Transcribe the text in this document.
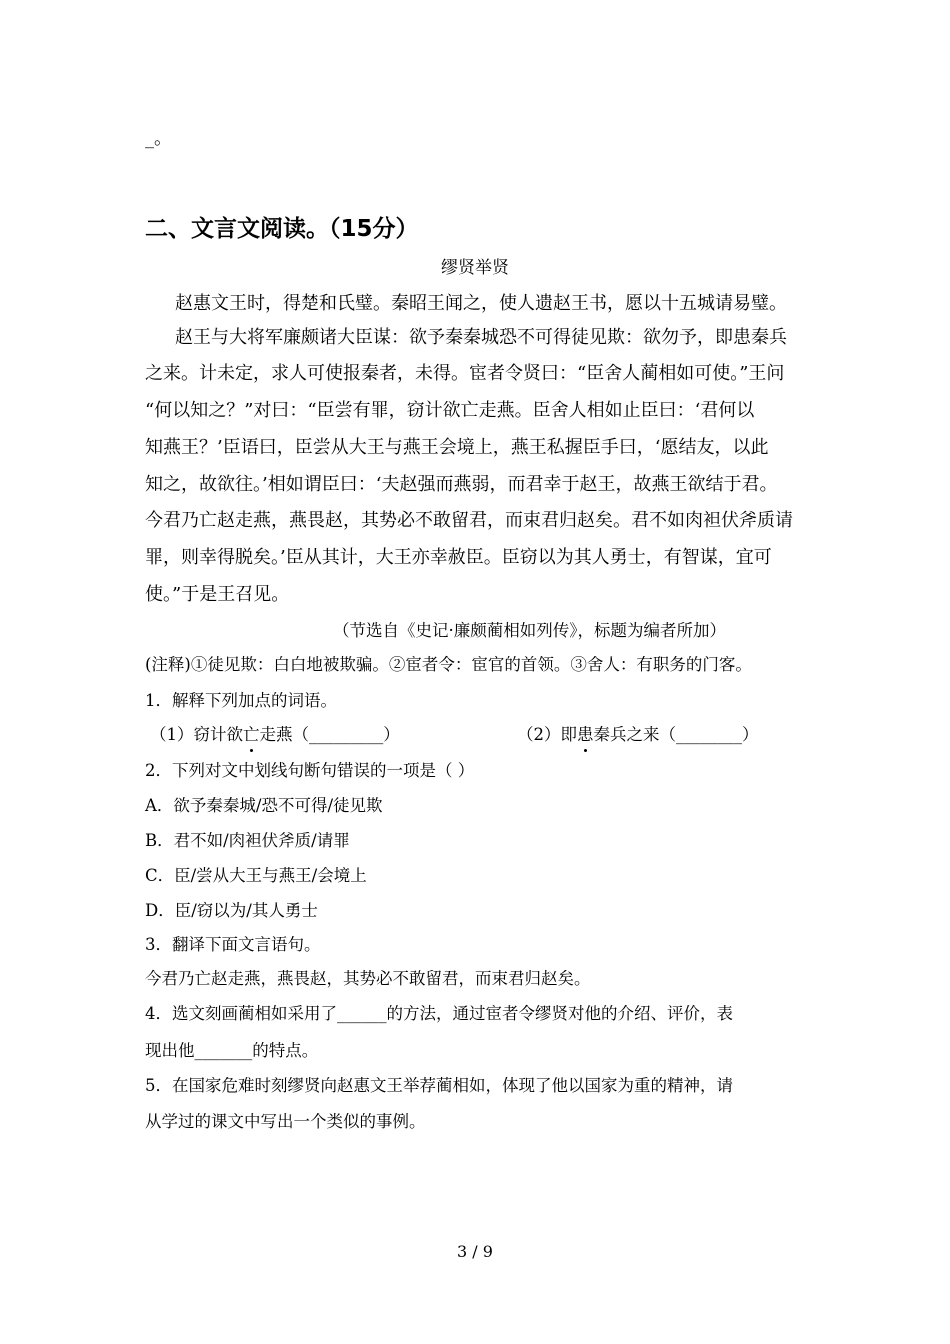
_。
二、文言文阅读。（15分）
缪贤举贤
赵惠文王时，得楚和氏璧。秦昭王闻之，使人遗赵王书，愿以十五城请易璧。
赵王与大将军廉颇诸大臣谋：欲予秦秦城恐不可得徒见欺：欲勿予，即患秦兵
之来。计未定，求人可使报秦者，未得。宦者令贤曰：“臣舍人蔺相如可使。”王问
“何以知之？”对曰：“臣尝有罪，窃计欲亡走燕。臣舍人相如止臣曰：‘君何以
知燕王？’臣语曰，臣尝从大王与燕王会境上，燕王私握臣手曰，‘愿结友，以此
知之，故欲往。’相如谓臣曰：‘夫赵强而燕弱，而君幸于赵王，故燕王欲结于君。
今君乃亡赵走燕，燕畏赵，其势必不敢留君，而束君归赵矣。君不如肉袒伏斧质请
罪，则幸得脱矣。’臣从其计，大王亦幸赦臣。臣窃以为其人勇士，有智谋，宜可
使。”于是王召见。
（节选自《史记·廉颇蔺相如列传》，标题为编者所加）
(注释)①徒见欺：白白地被欺骗。②宦者令：宦官的首领。③舍人：有职务的门客。
1．解释下列加点的词语。
（1）窃计欲亡走燕（_________）	（2）即患秦兵之来（________）
2．下列对文中划线句断句错误的一项是（ ）
A．欲予秦秦城/恐不可得/徒见欺
B．君不如/肉袒伏斧质/请罪
C．臣/尝从大王与燕王/会境上
D．臣/窃以为/其人勇士
3．翻译下面文言语句。
今君乃亡赵走燕，燕畏赵，其势必不敢留君，而束君归赵矣。
4．选文刻画蔺相如采用了______的方法，通过宦者令缪贤对他的介绍、评价，表
现出他_______的特点。
5．在国家危难时刻缪贤向赵惠文王举荐蔺相如，体现了他以国家为重的精神，请
从学过的课文中写出一个类似的事例。
3 / 9
